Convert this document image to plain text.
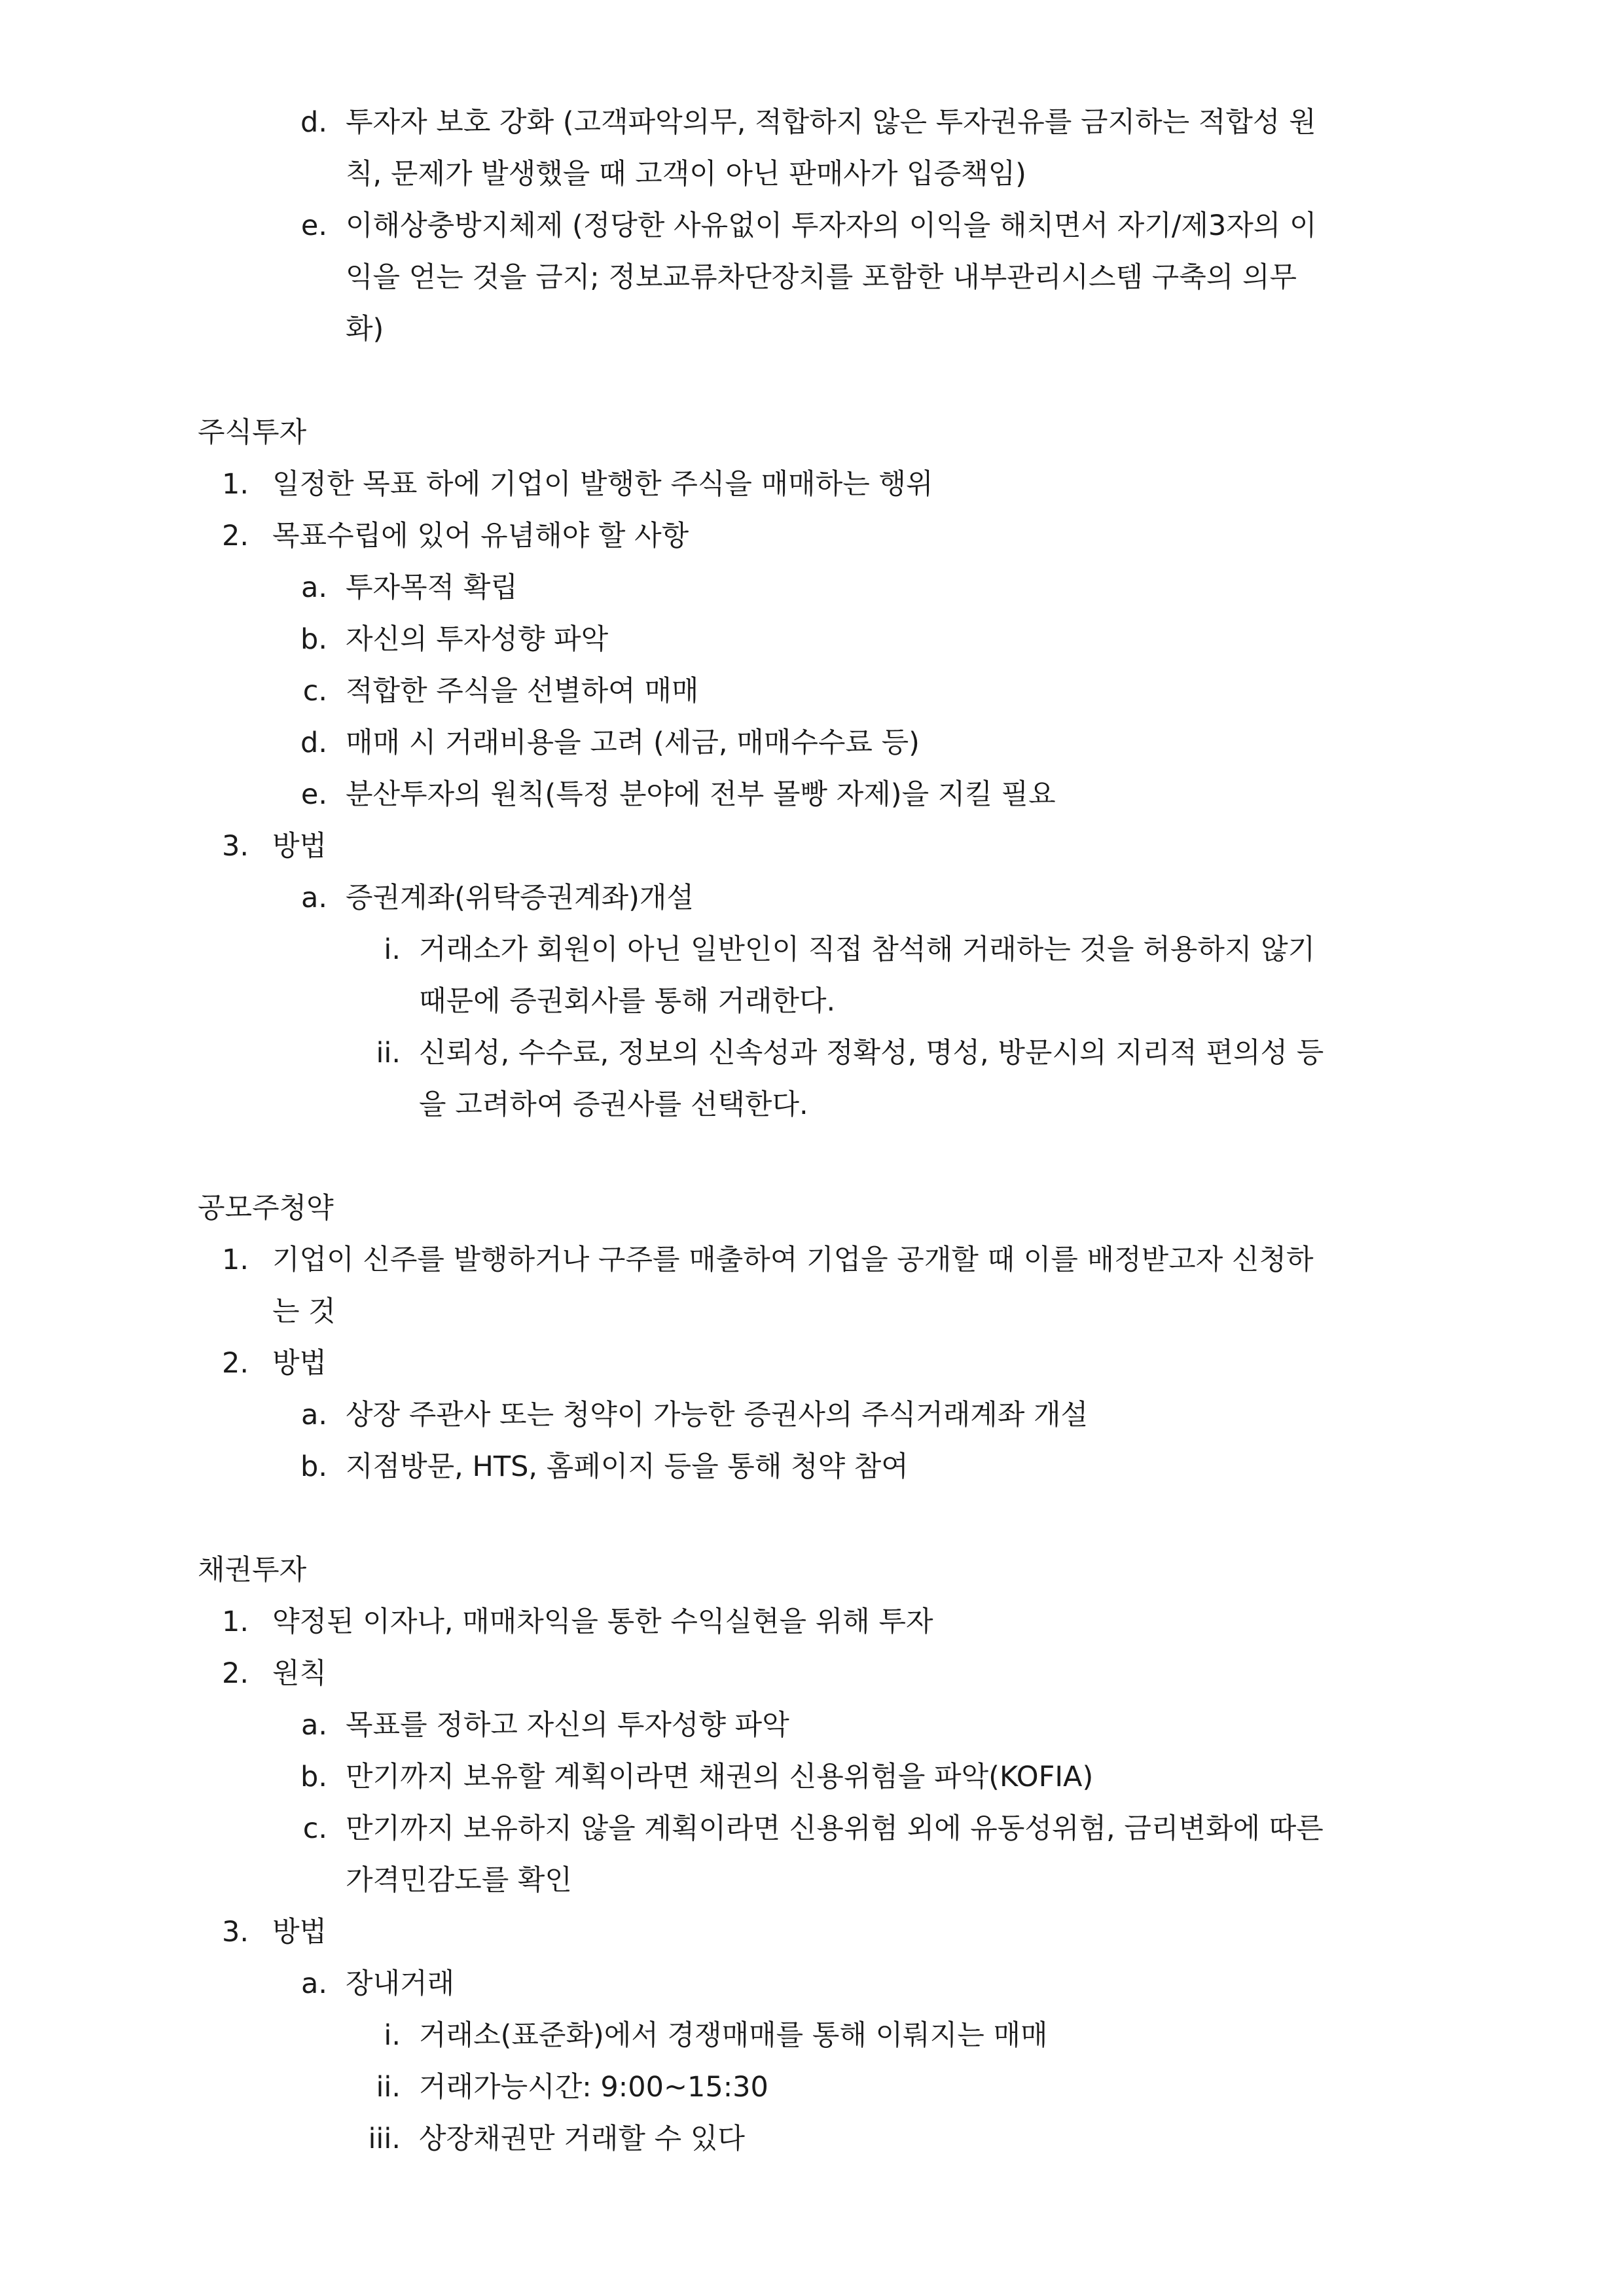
d. 투자자 보호 강화 (고객파악의무, 적합하지 않은 투자권유를 금지하는 적합성 원
칙, 문제가 발생했을 때 고객이 아닌 판매사가 입증책임)
e. 이해상충방지체제 (정당한 사유없이 투자자의 이익을 해치면서 자기/제3자의 이
익을 얻는 것을 금지; 정보교류차단장치를 포함한 내부관리시스템 구축의 의무
화)
주식투자
1. 일정한 목표 하에 기업이 발행한 주식을 매매하는 행위
2. 목표수립에 있어 유념해야 할 사항
a. 투자목적 확립
b. 자신의 투자성향 파악
c. 적합한 주식을 선별하여 매매
d. 매매 시 거래비용을 고려 (세금, 매매수수료 등)
e. 분산투자의 원칙(특정 분야에 전부 몰빵 자제)을 지킬 필요
3. 방법
a. 증권계좌(위탁증권계좌)개설
i. 거래소가 회원이 아닌 일반인이 직접 참석해 거래하는 것을 허용하지 않기
때문에 증권회사를 통해 거래한다.
ii. 신뢰성, 수수료, 정보의 신속성과 정확성, 명성, 방문시의 지리적 편의성 등
을 고려하여 증권사를 선택한다.
공모주청약
1. 기업이 신주를 발행하거나 구주를 매출하여 기업을 공개할 때 이를 배정받고자 신청하
는 것
2. 방법
a. 상장 주관사 또는 청약이 가능한 증권사의 주식거래계좌 개설
b. 지점방문, HTS, 홈페이지 등을 통해 청약 참여
채권투자
1. 약정된 이자나, 매매차익을 통한 수익실현을 위해 투자
2. 원칙
a. 목표를 정하고 자신의 투자성향 파악
b. 만기까지 보유할 계획이라면 채권의 신용위험을 파악(KOFIA)
c. 만기까지 보유하지 않을 계획이라면 신용위험 외에 유동성위험, 금리변화에 따른
가격민감도를 확인
3. 방법
a. 장내거래
i. 거래소(표준화)에서 경쟁매매를 통해 이뤄지는 매매
ii. 거래가능시간: 9:00~15:30
iii. 상장채권만 거래할 수 있다
